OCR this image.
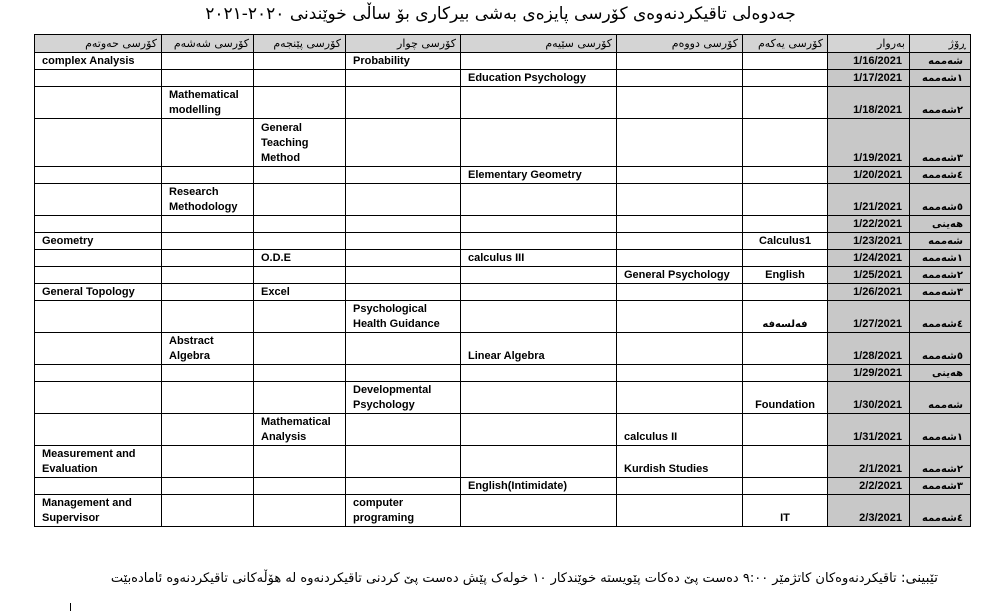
جەدوەلی تاقیکردنەوەی کۆرسی پایزەی بەشی بیرکاری بۆ ساڵی خوێندنی ٢٠٢٠-٢٠٢١
کۆرسی حەوتەم	کۆرسی شەشەم	کۆرسی پێنجەم	کۆرسی چوار	کۆرسی سێیەم	کۆرسی دووەم	کۆرسی یەکەم	بەروار	ڕۆژ
complex Analysis			Probability				1/16/2021	شەممە
				Education Psychology			1/17/2021	١شەممە
	Mathematical modelling						1/18/2021	٢شەممە
		General Teaching Method					1/19/2021	٣شەممە
				Elementary Geometry			1/20/2021	٤شەممە
	Research Methodology						1/21/2021	٥شەممە
							1/22/2021	هەینی
Geometry						Calculus1	1/23/2021	شەممە
		O.D.E		calculus III			1/24/2021	١شەممە
					General Psychology	English	1/25/2021	٢شەممە
General Topology		Excel					1/26/2021	٣شەممە
			Psychological Health Guidance			فەلسەفە	1/27/2021	٤شەممە
	Abstract Algebra			Linear Algebra			1/28/2021	٥شەممە
							1/29/2021	هەینی
			Developmental Psychology			Foundation	1/30/2021	شەممە
		Mathematical Analysis			calculus II		1/31/2021	١شەممە
Measurement and Evaluation					Kurdish Studies		2/1/2021	٢شەممە
				English(Intimidate)			2/2/2021	٣شەممە
Management and Supervisor			computer programing			IT	2/3/2021	٤شەممە
تێبینی: تاقیکردنەوەکان کاتژمێر ٩:٠٠ دەست پێ دەکات پێویستە خوێندکار ١٠ خولەک پێش دەست پێ کردنی تاقیکردنەوە لە هۆڵەکانی تاقیکردنەوە ئامادەبێت
